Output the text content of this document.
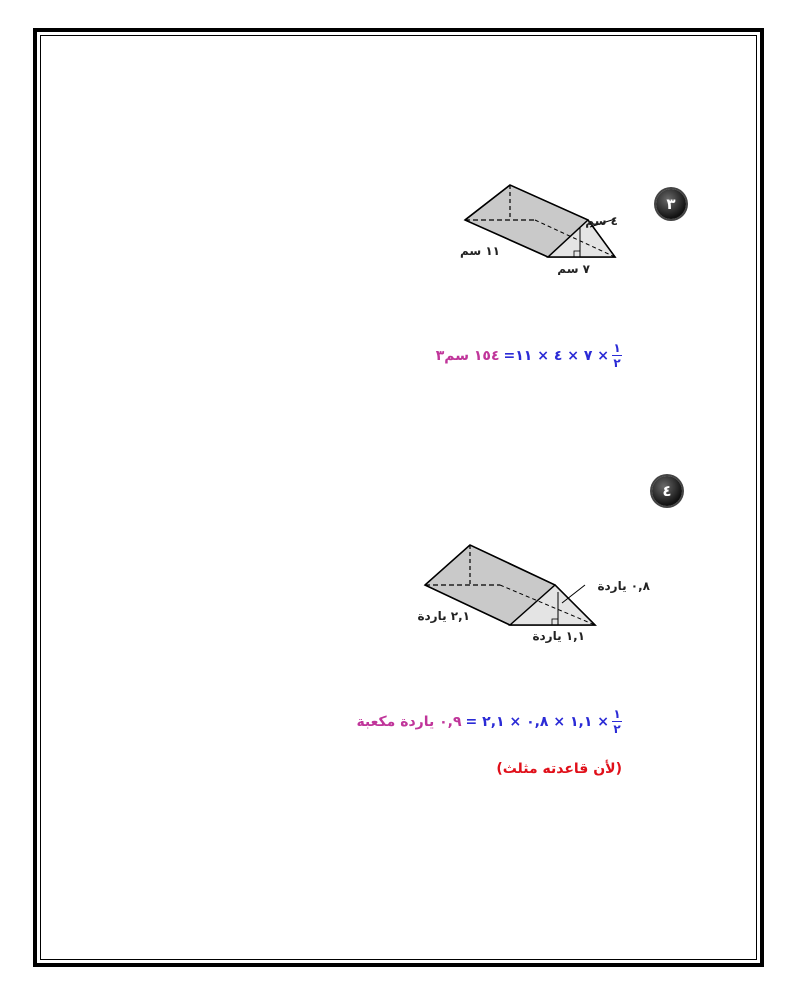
٣
٤ سم
١١ سم
٧ سم
$\frac{١}{٢}$
× ٧ × ٤ × ١١=
١٥٤ سم٣
٤
٠,٨ ياردة
٢,١ ياردة
١,١ ياردة
$\frac{١}{٢}$
× ١,١ × ٠,٨ × ٢,١ =
٠,٩ ياردة مكعبة
(لأن قاعدته مثلث)
